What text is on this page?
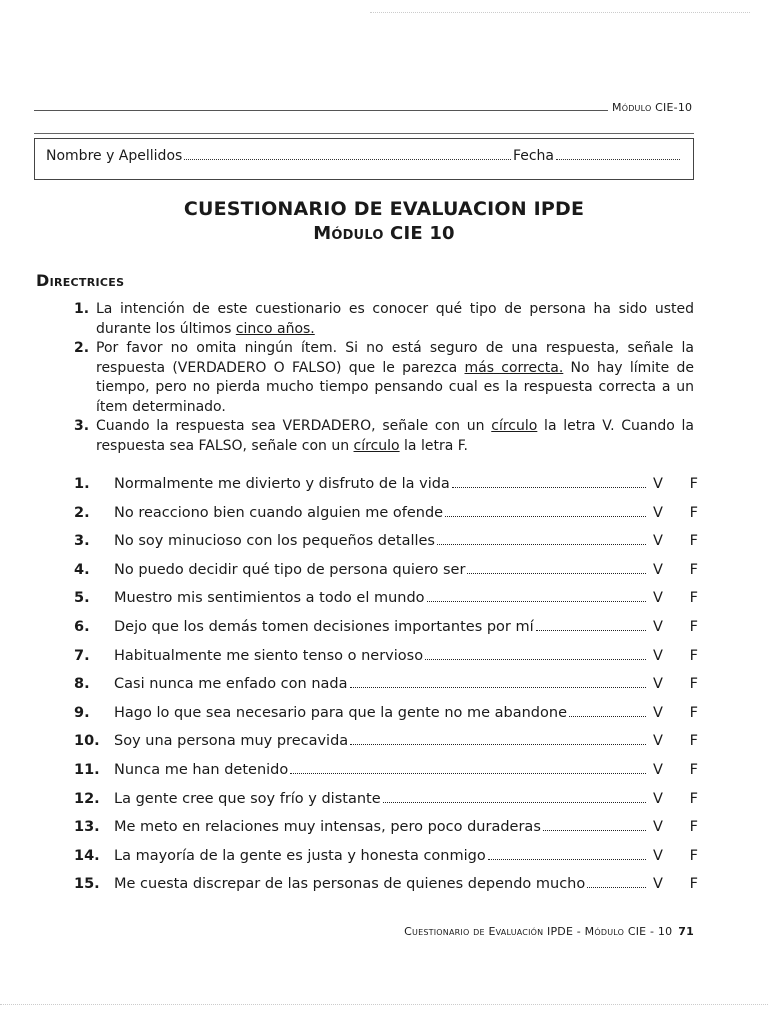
Módulo CIE-10
Nombre y Apellidos	Fecha
CUESTIONARIO DE EVALUACION IPDE
Módulo CIE 10
Directrices
1. La intención de este cuestionario es conocer qué tipo de persona ha sido usted durante los últimos cinco años.
2. Por favor no omita ningún ítem. Si no está seguro de una respuesta, señale la respuesta (VERDADERO O FALSO) que le parezca más correcta. No hay límite de tiempo, pero no pierda mucho tiempo pensando cual es la respuesta correcta a un ítem determinado.
3. Cuando la respuesta sea VERDADERO, señale con un círculo la letra V. Cuando la respuesta sea FALSO, señale con un círculo la letra F.
1.	Normalmente me divierto y disfruto de la vida	V	F
2.	No reacciono bien cuando alguien me ofende	V	F
3.	No soy minucioso con los pequeños detalles	V	F
4.	No puedo decidir qué tipo de persona quiero ser	V	F
5.	Muestro mis sentimientos a todo el mundo	V	F
6.	Dejo que los demás tomen decisiones importantes por mí	V	F
7.	Habitualmente me siento tenso o nervioso	V	F
8.	Casi nunca me enfado con nada	V	F
9.	Hago lo que sea necesario para que la gente no me abandone	V	F
10. Soy una persona muy precavida	V	F
11. Nunca me han detenido	V	F
12. La gente cree que soy frío y distante	V	F
13. Me meto en relaciones muy intensas, pero poco duraderas	V	F
14. La mayoría de la gente es justa y honesta conmigo	V	F
15. Me cuesta discrepar de las personas de quienes dependo mucho	V	F
Cuestionario de Evaluación IPDE - Módulo CIE - 10 71
